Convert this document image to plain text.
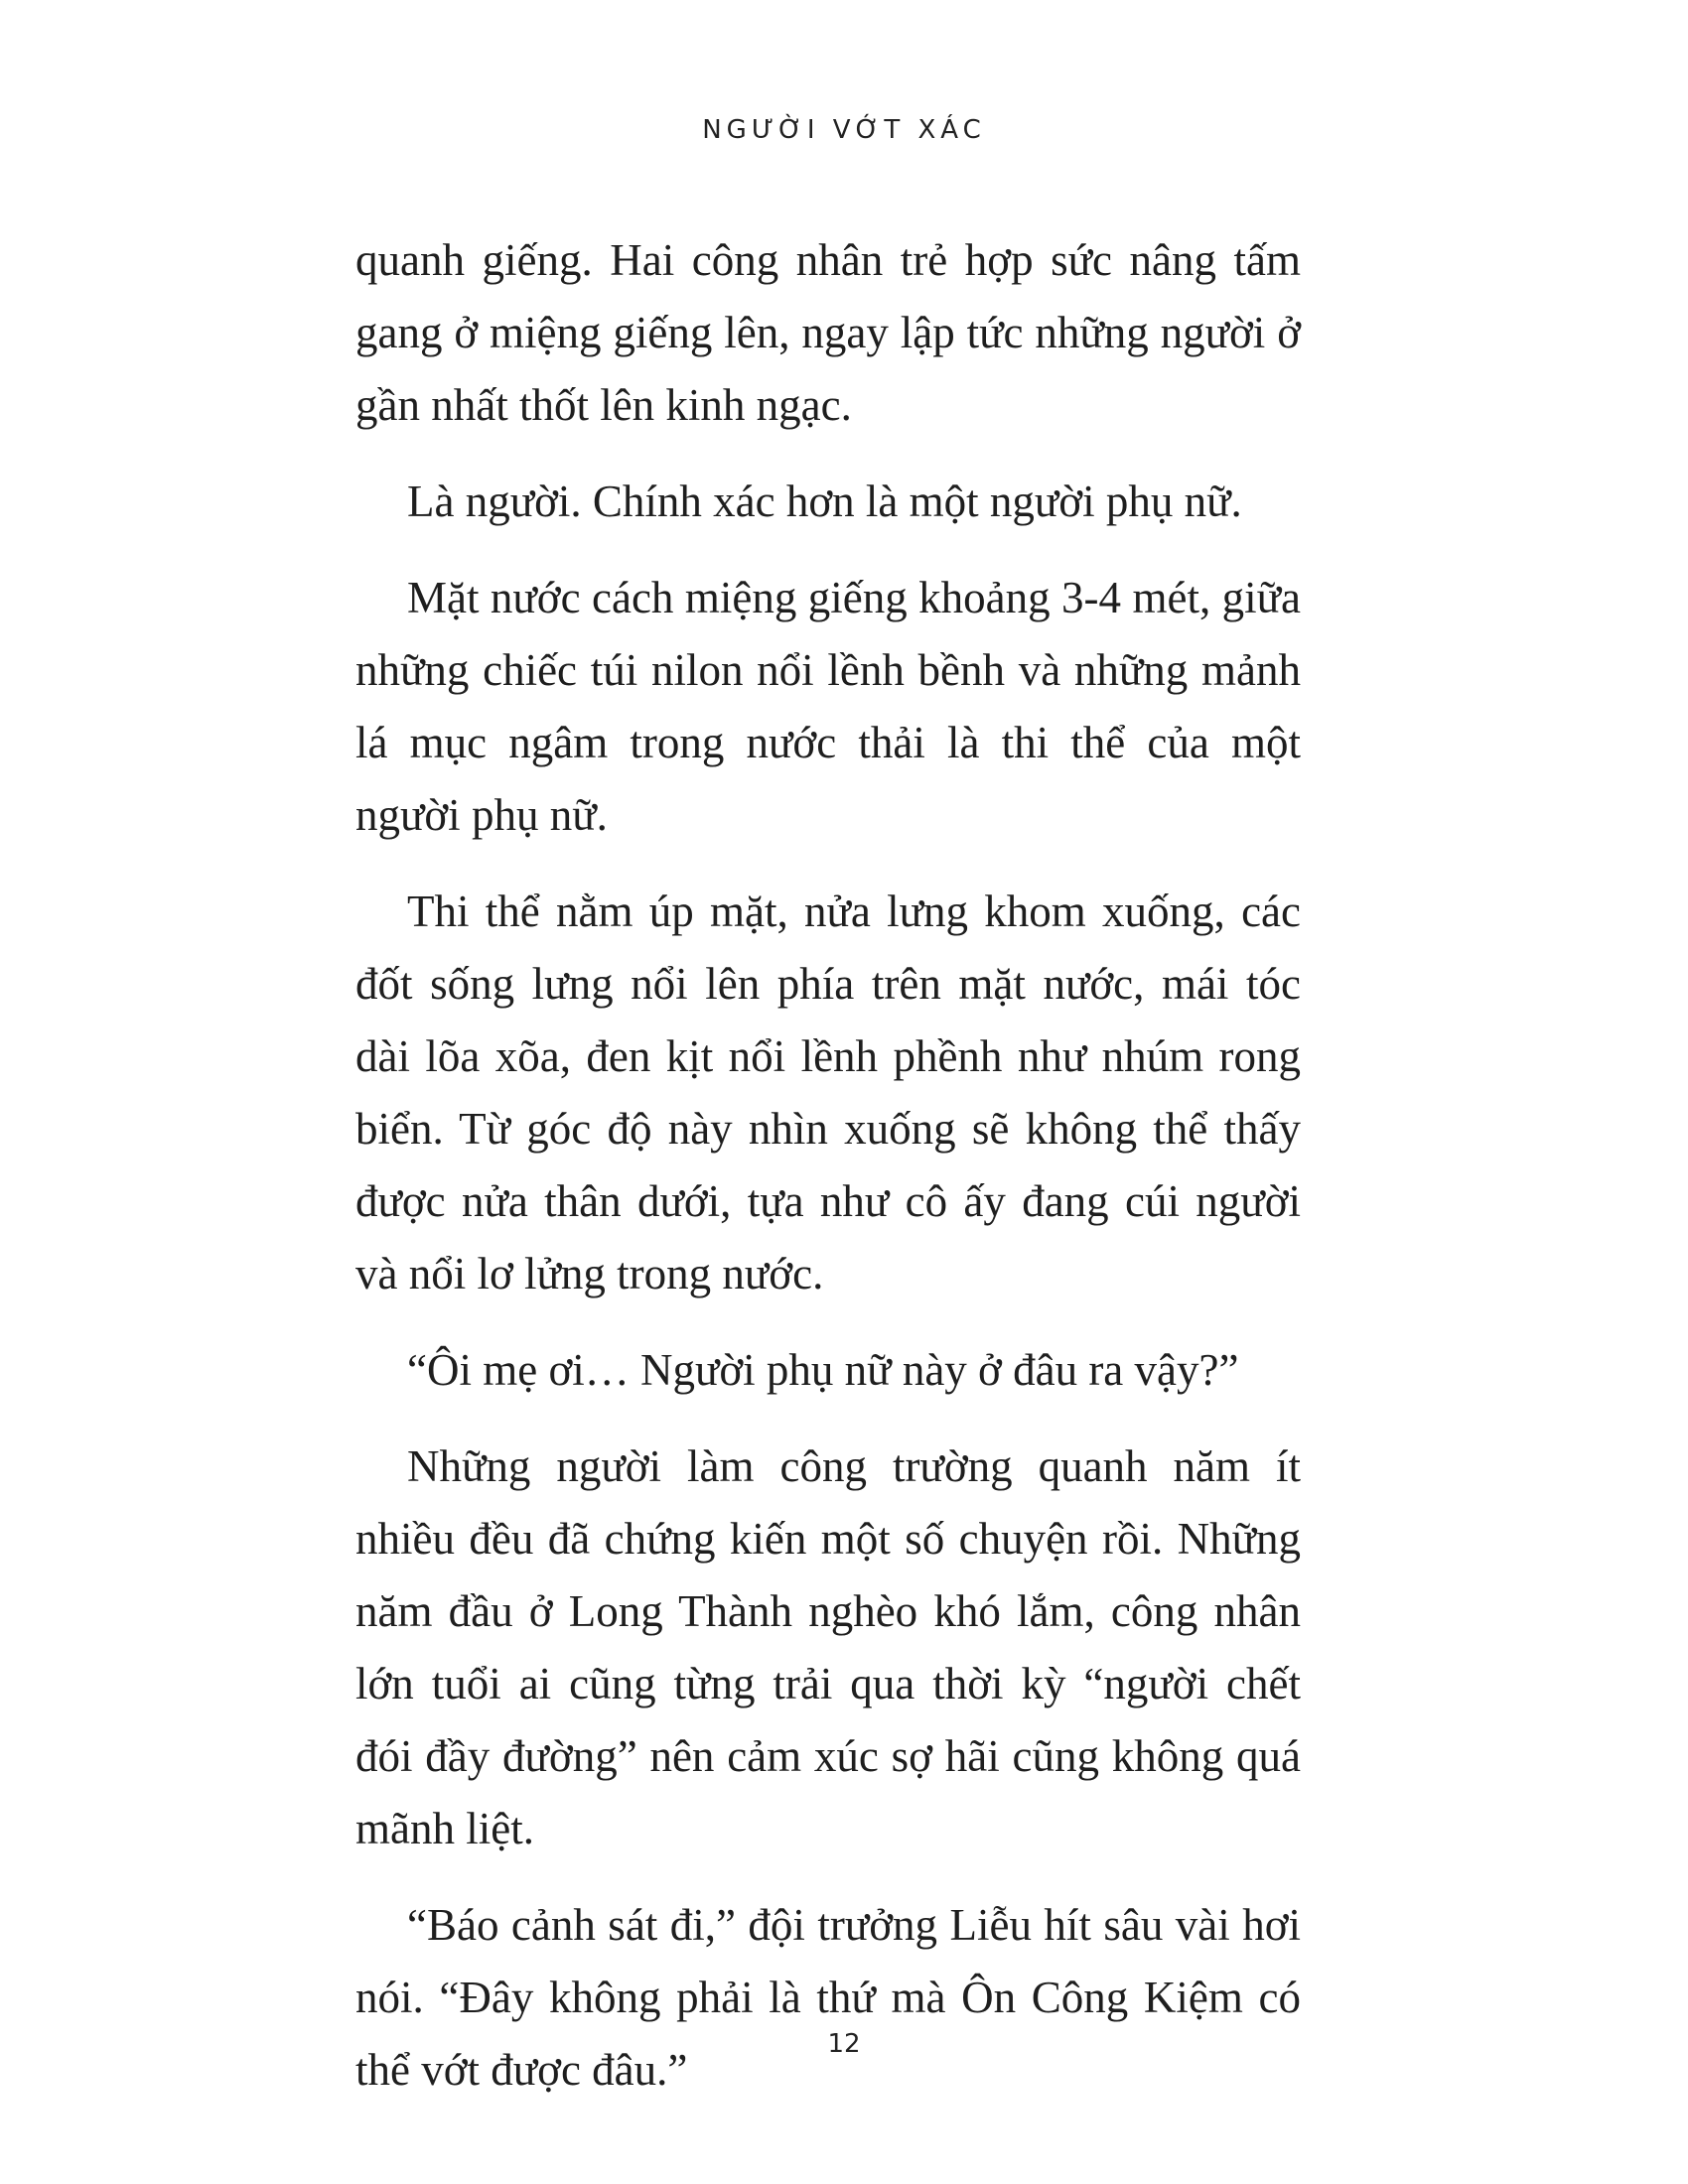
NGƯỜI VỚT XÁC

quanh giếng. Hai công nhân trẻ hợp sức nâng tấm gang ở miệng giếng lên, ngay lập tức những người ở gần nhất thốt lên kinh ngạc.

Là người. Chính xác hơn là một người phụ nữ.

Mặt nước cách miệng giếng khoảng 3-4 mét, giữa những chiếc túi nilon nổi lềnh bềnh và những mảnh lá mục ngâm trong nước thải là thi thể của một người phụ nữ.

Thi thể nằm úp mặt, nửa lưng khom xuống, các đốt sống lưng nổi lên phía trên mặt nước, mái tóc dài lõa xõa, đen kịt nổi lềnh phềnh như nhúm rong biển. Từ góc độ này nhìn xuống sẽ không thể thấy được nửa thân dưới, tựa như cô ấy đang cúi người và nổi lơ lửng trong nước.

“Ôi mẹ ơi… Người phụ nữ này ở đâu ra vậy?”

Những người làm công trường quanh năm ít nhiều đều đã chứng kiến một số chuyện rồi. Những năm đầu ở Long Thành nghèo khó lắm, công nhân lớn tuổi ai cũng từng trải qua thời kỳ “người chết đói đầy đường” nên cảm xúc sợ hãi cũng không quá mãnh liệt.

“Báo cảnh sát đi,” đội trưởng Liễu hít sâu vài hơi nói. “Đây không phải là thứ mà Ôn Công Kiệm có thể vớt được đâu.”

12
